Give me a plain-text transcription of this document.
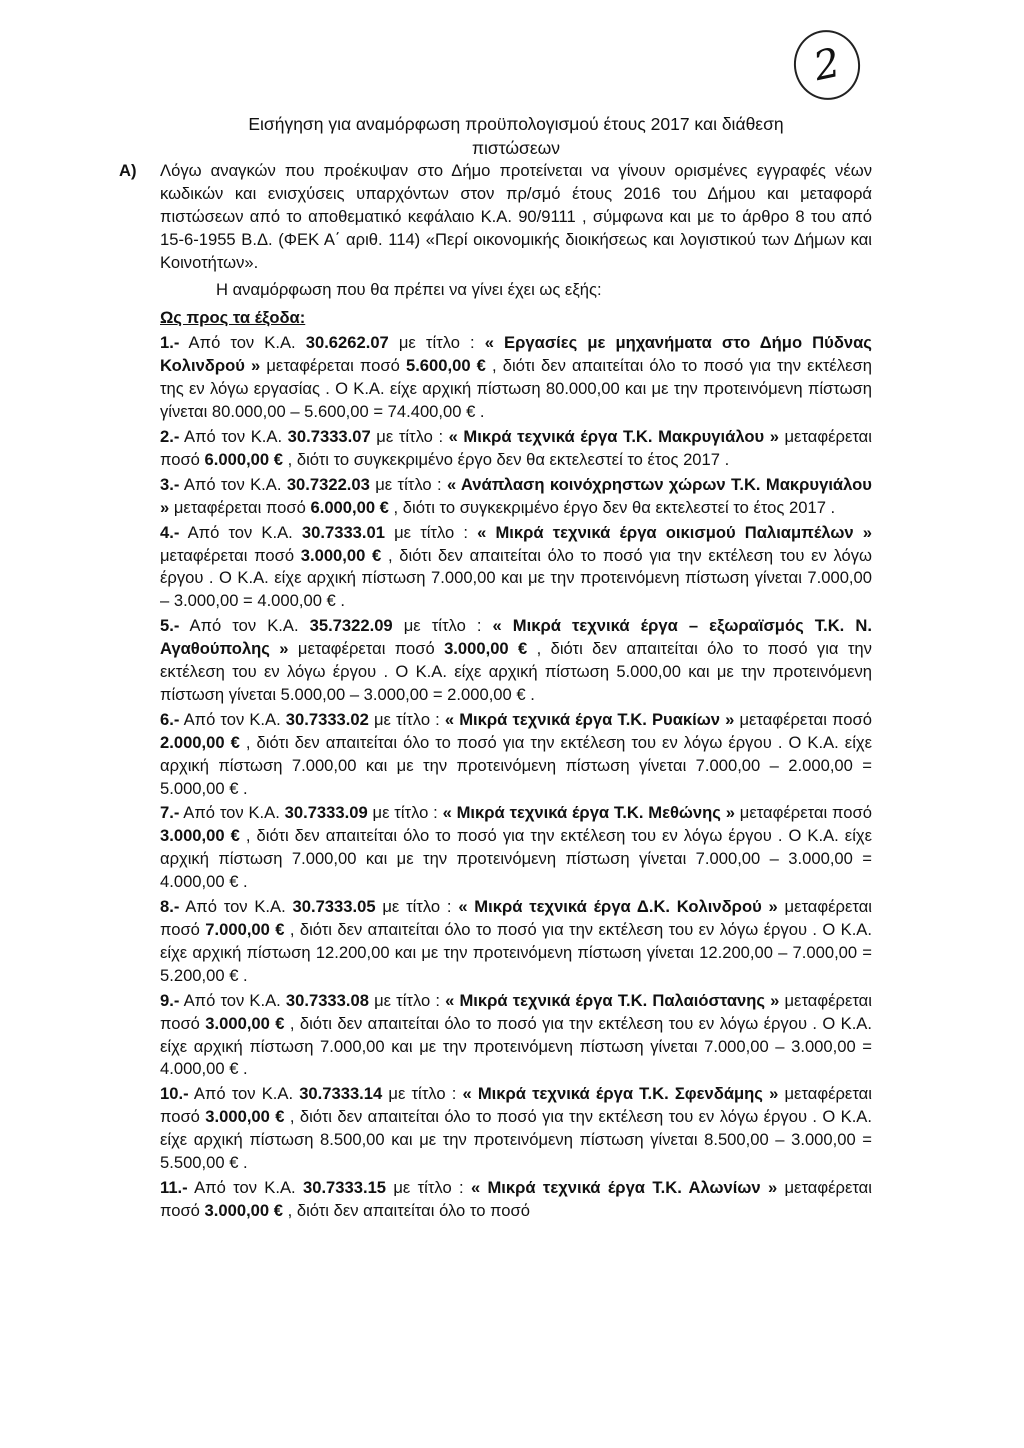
2
Εισήγηση για αναμόρφωση προϋπολογισμού έτους 2017 και διάθεση
πιστώσεων

Α) Λόγω αναγκών που προέκυψαν στο Δήμο προτείνεται να γίνουν ορισμένες εγγραφές νέων κωδικών και ενισχύσεις υπαρχόντων στον πρ/σμό έτους 2016 του Δήμου και μεταφορά πιστώσεων από το αποθεματικό κεφάλαιο Κ.Α. 90/9111 , σύμφωνα και με το άρθρο 8 του από 15-6-1955 Β.Δ. (ΦΕΚ Α΄ αριθ. 114) «Περί οικονομικής διοικήσεως και λογιστικού των Δήμων και Κοινοτήτων».

Η αναμόρφωση που θα πρέπει να γίνει έχει ως εξής:

Ως προς τα έξοδα:

1.- Από τον Κ.Α. 30.6262.07 με τίτλο : « Εργασίες με μηχανήματα στο Δήμο Πύδνας Κολινδρού » μεταφέρεται ποσό 5.600,00 € , διότι δεν απαιτείται όλο το ποσό για την εκτέλεση της εν λόγω εργασίας . Ο Κ.Α. είχε αρχική πίστωση 80.000,00 και με την προτεινόμενη πίστωση γίνεται 80.000,00 – 5.600,00 = 74.400,00 € .

2.- Από τον Κ.Α. 30.7333.07 με τίτλο : « Μικρά τεχνικά έργα Τ.Κ. Μακρυγιάλου » μεταφέρεται ποσό 6.000,00 € , διότι το συγκεκριμένο έργο δεν θα εκτελεστεί το έτος 2017 .

3.- Από τον Κ.Α. 30.7322.03 με τίτλο : « Ανάπλαση κοινόχρηστων χώρων Τ.Κ. Μακρυγιάλου » μεταφέρεται ποσό 6.000,00 € , διότι το συγκεκριμένο έργο δεν θα εκτελεστεί το έτος 2017 .

4.- Από τον Κ.Α. 30.7333.01 με τίτλο : « Μικρά τεχνικά έργα οικισμού Παλιαμπέλων » μεταφέρεται ποσό 3.000,00 € , διότι δεν απαιτείται όλο το ποσό για την εκτέλεση του εν λόγω έργου . Ο Κ.Α. είχε αρχική πίστωση 7.000,00 και με την προτεινόμενη πίστωση γίνεται 7.000,00 – 3.000,00 = 4.000,00 € .

5.- Από τον Κ.Α. 35.7322.09 με τίτλο : « Μικρά τεχνικά έργα – εξωραϊσμός Τ.Κ. Ν. Αγαθούπολης » μεταφέρεται ποσό 3.000,00 € , διότι δεν απαιτείται όλο το ποσό για την εκτέλεση του εν λόγω έργου . Ο Κ.Α. είχε αρχική πίστωση 5.000,00 και με την προτεινόμενη πίστωση γίνεται 5.000,00 – 3.000,00 = 2.000,00 € .

6.- Από τον Κ.Α. 30.7333.02 με τίτλο : « Μικρά τεχνικά έργα Τ.Κ. Ρυακίων » μεταφέρεται ποσό 2.000,00 € , διότι δεν απαιτείται όλο το ποσό για την εκτέλεση του εν λόγω έργου . Ο Κ.Α. είχε αρχική πίστωση 7.000,00 και με την προτεινόμενη πίστωση γίνεται 7.000,00 – 2.000,00 = 5.000,00 € .

7.- Από τον Κ.Α. 30.7333.09 με τίτλο : « Μικρά τεχνικά έργα Τ.Κ. Μεθώνης » μεταφέρεται ποσό 3.000,00 € , διότι δεν απαιτείται όλο το ποσό για την εκτέλεση του εν λόγω έργου . Ο Κ.Α. είχε αρχική πίστωση 7.000,00 και με την προτεινόμενη πίστωση γίνεται 7.000,00 – 3.000,00 = 4.000,00 € .

8.- Από τον Κ.Α. 30.7333.05 με τίτλο : « Μικρά τεχνικά έργα Δ.Κ. Κολινδρού » μεταφέρεται ποσό 7.000,00 € , διότι δεν απαιτείται όλο το ποσό για την εκτέλεση του εν λόγω έργου . Ο Κ.Α. είχε αρχική πίστωση 12.200,00 και με την προτεινόμενη πίστωση γίνεται 12.200,00 – 7.000,00 = 5.200,00 € .

9.- Από τον Κ.Α. 30.7333.08 με τίτλο : « Μικρά τεχνικά έργα Τ.Κ. Παλαιόστανης » μεταφέρεται ποσό 3.000,00 € , διότι δεν απαιτείται όλο το ποσό για την εκτέλεση του εν λόγω έργου . Ο Κ.Α. είχε αρχική πίστωση 7.000,00 και με την προτεινόμενη πίστωση γίνεται 7.000,00 – 3.000,00 = 4.000,00 € .

10.- Από τον Κ.Α. 30.7333.14 με τίτλο : « Μικρά τεχνικά έργα Τ.Κ. Σφενδάμης » μεταφέρεται ποσό 3.000,00 € , διότι δεν απαιτείται όλο το ποσό για την εκτέλεση του εν λόγω έργου . Ο Κ.Α. είχε αρχική πίστωση 8.500,00 και με την προτεινόμενη πίστωση γίνεται 8.500,00 – 3.000,00 = 5.500,00 € .

11.- Από τον Κ.Α. 30.7333.15 με τίτλο : « Μικρά τεχνικά έργα Τ.Κ. Αλωνίων » μεταφέρεται ποσό 3.000,00 € , διότι δεν απαιτείται όλο το ποσό
